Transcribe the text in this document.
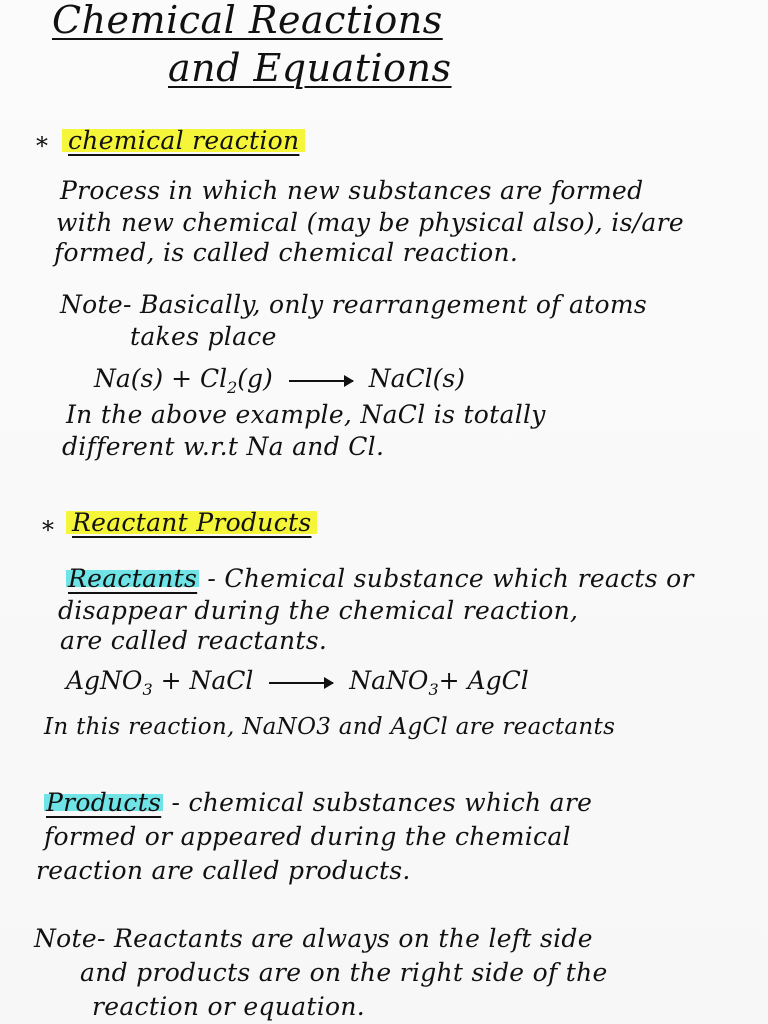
Chemical Reactions
and Equations
* chemical reaction
Process in which new substances are formed
with new chemical (may be physical also), is/are
formed, is called chemical reaction.
Note- Basically, only rearrangement of atoms
takes place
$Na(s) + Cl_2(g)$ → NaCl(s)
In the above example, NaCl is totally
different w.r.t Na and Cl.
* Reactant Products
Reactants - Chemical substance which reacts or
disappear during the chemical reaction,
are called reactants.
AgNO$_3$ + NaCl → NaNO$_3$+ AgCl
In this reaction, NaNO3 and AgCl are reactants
Products - chemical substances which are
formed or appeared during the chemical
reaction are called products.
Note- Reactants are always on the left side
and products are on the right side of the
reaction or equation.
